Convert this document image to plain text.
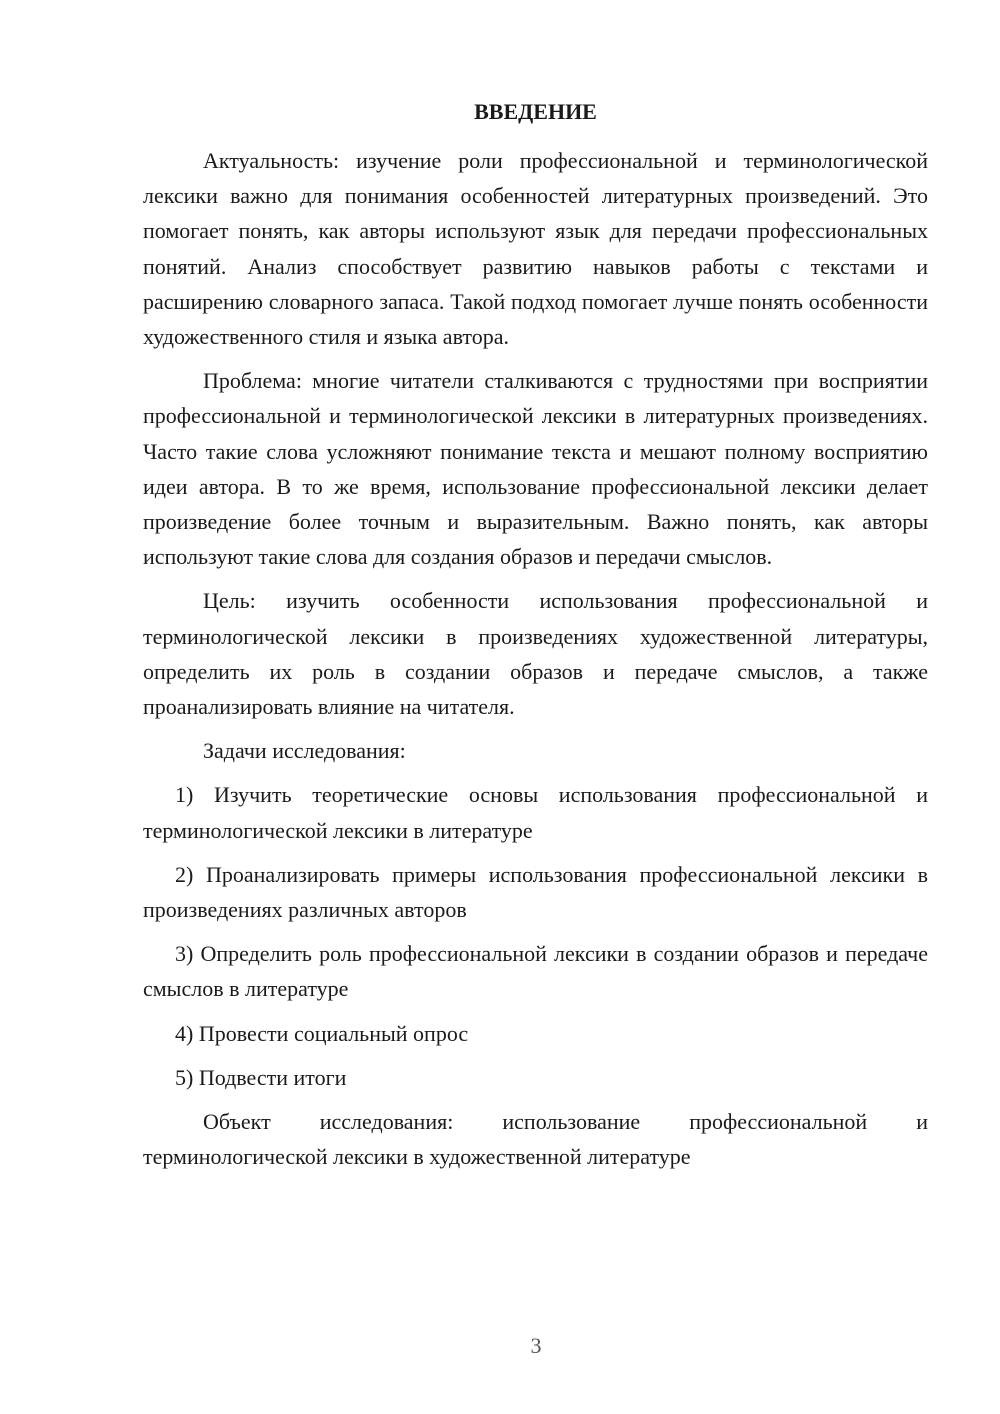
ВВЕДЕНИЕ

Актуальность: изучение роли профессиональной и терминологической лексики важно для понимания особенностей литературных произведений. Это помогает понять, как авторы используют язык для передачи профессиональных понятий. Анализ способствует развитию навыков работы с текстами и расширению словарного запаса. Такой подход помогает лучше понять особенности художественного стиля и языка автора.

Проблема: многие читатели сталкиваются с трудностями при восприятии профессиональной и терминологической лексики в литературных произведениях. Часто такие слова усложняют понимание текста и мешают полному восприятию идеи автора. В то же время, использование профессиональной лексики делает произведение более точным и выразительным. Важно понять, как авторы используют такие слова для создания образов и передачи смыслов.

Цель: изучить особенности использования профессиональной и терминологической лексики в произведениях художественной литературы, определить их роль в создании образов и передаче смыслов, а также проанализировать влияние на читателя.

Задачи исследования:

1) Изучить теоретические основы использования профессиональной и терминологической лексики в литературе

2) Проанализировать примеры использования профессиональной лексики в произведениях различных авторов

3) Определить роль профессиональной лексики в создании образов и передаче смыслов в литературе

4) Провести социальный опрос

5) Подвести итоги

Объект исследования: использование профессиональной и терминологической лексики в художественной литературе

3
